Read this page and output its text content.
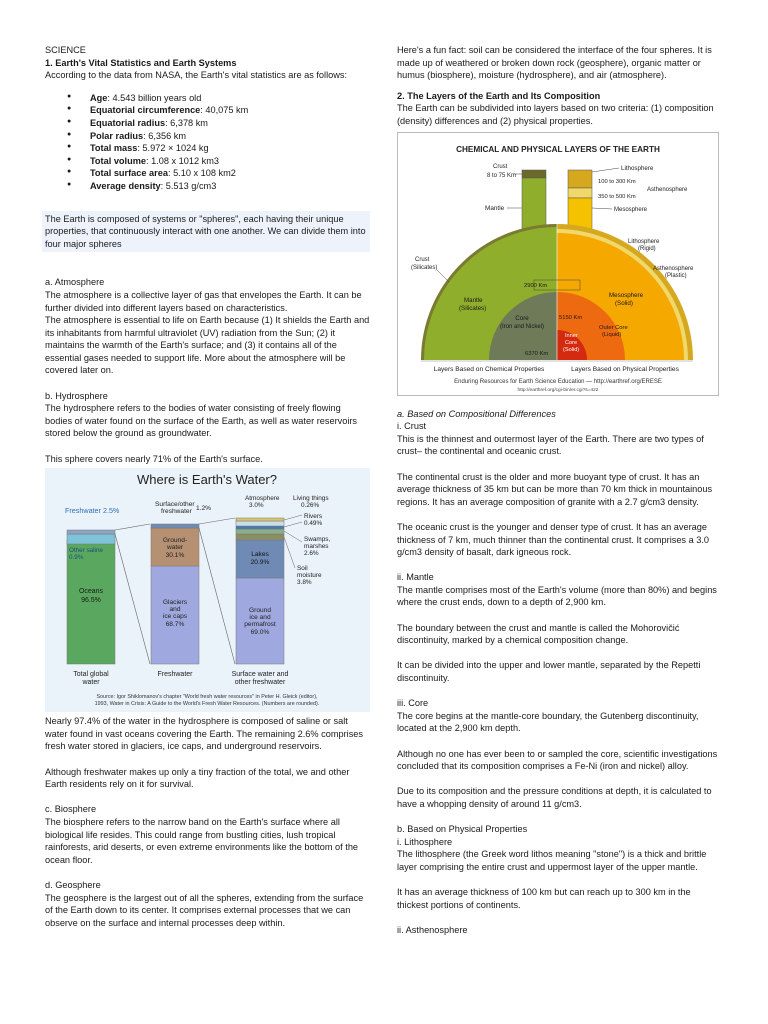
SCIENCE

1. Earth's Vital Statistics and Earth Systems

According to the data from NASA, the Earth's vital statistics are as follows:

● Age: 4.543 billion years old
● Equatorial circumference: 40,075 km
● Equatorial radius: 6,378 km
● Polar radius: 6,356 km
● Total mass: 5.972 × 1024 kg
● Total volume: 1.08 x 1012 km3
● Total surface area: 5.10 x 108 km2
● Average density: 5.513 g/cm3

The Earth is composed of systems or "spheres", each having their unique properties, that continuously interact with one another. We can divide them into four major spheres

a. Atmosphere

The atmosphere is a collective layer of gas that envelopes the Earth. It can be further divided into different layers based on characteristics.

The atmosphere is essential to life on Earth because (1) It shields the Earth and its inhabitants from harmful ultraviolet (UV) radiation from the Sun; (2) it maintains the warmth of the Earth's surface; and (3) it contains all of the essential gases needed to support life. More about the atmosphere will be covered later on.

b. Hydrosphere

The hydrosphere refers to the bodies of water consisting of freely flowing bodies of water found on the surface of the Earth, as well as water reservoirs stored below the ground as groundwater.

This sphere covers nearly 71% of the Earth's surface.

Where is Earth's Water?
Freshwater 2.5%
Other saline
0.9%
Oceans
96.5%
Surface/other
freshwater 1.2%
Ground-
water
30.1%
Glaciers
and
ice caps
68.7%
Atmosphere
3.0%
Living things
0.26%
Rivers
0.49%
Swamps,
marshes
2.6%
Soil
moisture
3.8%
Lakes
20.9%
Ground
ice and
permafrost
69.0%
Total global
water
Freshwater	Surface water and
other freshwater
Source: Igor Shiklomanov's chapter "World fresh water resources" in Peter H. Gleick (editor),
1993, Water in Crisis: A Guide to the World's Fresh Water Resources. (Numbers are rounded).

Nearly 97.4% of the water in the hydrosphere is composed of saline or salt water found in vast oceans covering the Earth. The remaining 2.6% comprises fresh water stored in glaciers, ice caps, and underground reservoirs.

Although freshwater makes up only a tiny fraction of the total, we and other Earth residents rely on it for survival.

c. Biosphere

The biosphere refers to the narrow band on the Earth's surface where all biological life resides. This could range from bustling cities, lush tropical rainforests, arid deserts, or even extreme environments like the bottom of the ocean floor.

d. Geosphere

The geosphere is the largest out of all the spheres, extending from the surface of the Earth down to its center. It comprises external processes that we can observe on the surface and internal processes deep within.

Here's a fun fact: soil can be considered the interface of the four spheres. It is made up of weathered or broken down rock (geosphere), organic matter or humus (biosphere), moisture (hydrosphere), and air (atmosphere).

2. The Layers of the Earth and Its Composition

The Earth can be subdivided into layers based on two criteria: (1) composition (density) differences and (2) physical properties.

CHEMICAL AND PHYSICAL LAYERS OF THE EARTH
Crust
8 to 75 Km
Mantle
Lithosphere
100 to 300 Km
Asthenosphere
350 to 500 Km
Mesosphere
Crust
(Silicates)
Mantle
(Silicates)
Core
(Iron and Nickel)
2900 Km
5150 Km
6370 Km
Lithosphere
(Rigid)
Asthenosphere
(Plastic)
Mesosphere
(Solid)
Outer Core
(Liquid)
Inner
Core
(Solid)
Layers Based on Chemical Properties	Layers Based on Physical Properties
Enduring Resources for Earth Science Education — http://earthref.org/ERESE
http://earthref.org/cgi-bin/er.cgi?s=422

a. Based on Compositional Differences

i. Crust

This is the thinnest and outermost layer of the Earth. There are two types of crust– the continental and oceanic crust.

The continental crust is the older and more buoyant type of crust. It has an average thickness of 35 km but can be more than 70 km thick in mountainous regions. It has an average composition of granite with a 2.7 g/cm3 density.

The oceanic crust is the younger and denser type of crust. It has an average thickness of 7 km, much thinner than the continental crust. It comprises a 3.0 g/cm3 density of basalt, dark igneous rock.

ii. Mantle

The mantle comprises most of the Earth's volume (more than 80%) and begins where the crust ends, down to a depth of 2,900 km.

The boundary between the crust and mantle is called the Mohorovičić discontinuity, marked by a chemical composition change.

It can be divided into the upper and lower mantle, separated by the Repetti discontinuity.

iii. Core

The core begins at the mantle-core boundary, the Gutenberg discontinuity, located at the 2,900 km depth.

Although no one has ever been to or sampled the core, scientific investigations concluded that its composition comprises a Fe-Ni (iron and nickel) alloy.

Due to its composition and the pressure conditions at depth, it is calculated to have a whopping density of around 11 g/cm3.

b. Based on Physical Properties

i. Lithosphere

The lithosphere (the Greek word lithos meaning "stone") is a thick and brittle layer comprising the entire crust and uppermost layer of the upper mantle.

It has an average thickness of 100 km but can reach up to 300 km in the thickest portions of continents.

ii. Asthenosphere
